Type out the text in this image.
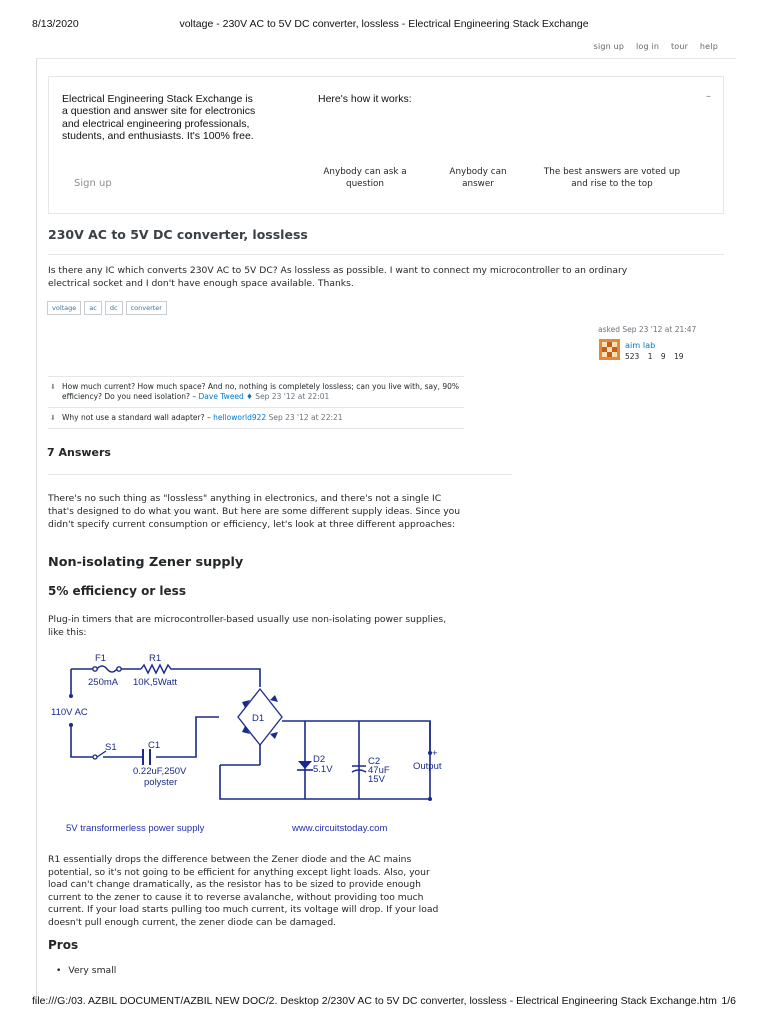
8/13/2020	voltage - 230V AC to 5V DC converter, lossless - Electrical Engineering Stack Exchange
sign up log in tour help
Electrical Engineering Stack Exchange is a question and answer site for electronics and electrical engineering professionals, students, and enthusiasts. It's 100% free.
Here's how it works:	–
Sign up
Anybody can ask a question
Anybody can answer
The best answers are voted up and rise to the top
230V AC to 5V DC converter, lossless

Is there any IC which converts 230V AC to 5V DC? As lossless as possible. I want to connect my microcontroller to an ordinary electrical socket and I don't have enough space available. Thanks.

voltage	ac	dc	converter
asked Sep 23 '12 at 21:47
aim lab
523 1 9 19
⬇ How much current? How much space? And no, nothing is completely lossless; can you live with, say, 90% efficiency? Do you need isolation? – Dave Tweed ♦ Sep 23 '12 at 22:01
⬇ Why not use a standard wall adapter? – helloworld922 Sep 23 '12 at 22:21
7 Answers

There's no such thing as "lossless" anything in electronics, and there's not a single IC that's designed to do what you want. But here are some different supply ideas. Since you didn't specify current consumption or efficiency, let's look at three different approaches:

Non-isolating Zener supply
5% efficiency or less

Plug-in timers that are microcontroller-based usually use non-isolating power supplies, like this:

F1
250mA
R1
10K,5Watt
110V AC
S1	C1
0.22uF,250V
polyster
D1
D2
5.1V
C2
47uF
15V
+
Output
5V transformerless power supply	www.circuitstoday.com

R1 essentially drops the difference between the Zener diode and the AC mains potential, so it's not going to be efficient for anything except light loads. Also, your load can't change dramatically, as the resistor has to be sized to provide enough current to the zener to cause it to reverse avalanche, without providing too much current. If your load starts pulling too much current, its voltage will drop. If your load doesn't pull enough current, the zener diode can be damaged.

Pros
• Very small
file:///G:/03. AZBIL DOCUMENT/AZBIL NEW DOC/2. Desktop 2/230V AC to 5V DC converter, lossless - Electrical Engineering Stack Exchange.htm 1/6
